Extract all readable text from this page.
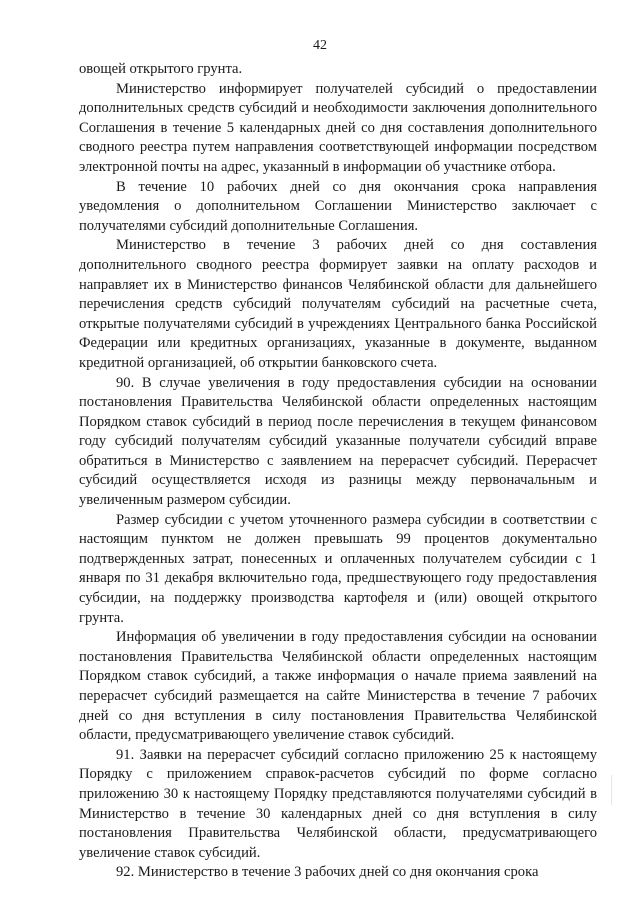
42

овощей открытого грунта.

Министерство информирует получателей субсидий о предоставлении дополнительных средств субсидий и необходимости заключения дополнительного Соглашения в течение 5 календарных дней со дня составления дополнительного сводного реестра путем направления соответствующей информации посредством электронной почты на адрес, указанный в информации об участнике отбора.

В течение 10 рабочих дней со дня окончания срока направления уведомления о дополнительном Соглашении Министерство заключает с получателями субсидий дополнительные Соглашения.

Министерство в течение 3 рабочих дней со дня составления дополнительного сводного реестра формирует заявки на оплату расходов и направляет их в Министерство финансов Челябинской области для дальнейшего перечисления средств субсидий получателям субсидий на расчетные счета, открытые получателями субсидий в учреждениях Центрального банка Российской Федерации или кредитных организациях, указанные в документе, выданном кредитной организацией, об открытии банковского счета.

90. В случае увеличения в году предоставления субсидии на основании постановления Правительства Челябинской области определенных настоящим Порядком ставок субсидий в период после перечисления в текущем финансовом году субсидий получателям субсидий указанные получатели субсидий вправе обратиться в Министерство с заявлением на перерасчет субсидий. Перерасчет субсидий осуществляется исходя из разницы между первоначальным и увеличенным размером субсидии.

Размер субсидии с учетом уточненного размера субсидии в соответствии с настоящим пунктом не должен превышать 99 процентов документально подтвержденных затрат, понесенных и оплаченных получателем субсидии с 1 января по 31 декабря включительно года, предшествующего году предоставления субсидии, на поддержку производства картофеля и (или) овощей открытого грунта.

Информация об увеличении в году предоставления субсидии на основании постановления Правительства Челябинской области определенных настоящим Порядком ставок субсидий, а также информация о начале приема заявлений на перерасчет субсидий размещается на сайте Министерства в течение 7 рабочих дней со дня вступления в силу постановления Правительства Челябинской области, предусматривающего увеличение ставок субсидий.

91. Заявки на перерасчет субсидий согласно приложению 25 к настоящему Порядку с приложением справок-расчетов субсидий по форме согласно приложению 30 к настоящему Порядку представляются получателями субсидий в Министерство в течение 30 календарных дней со дня вступления в силу постановления Правительства Челябинской области, предусматривающего увеличение ставок субсидий.

92. Министерство в течение 3 рабочих дней со дня окончания срока
